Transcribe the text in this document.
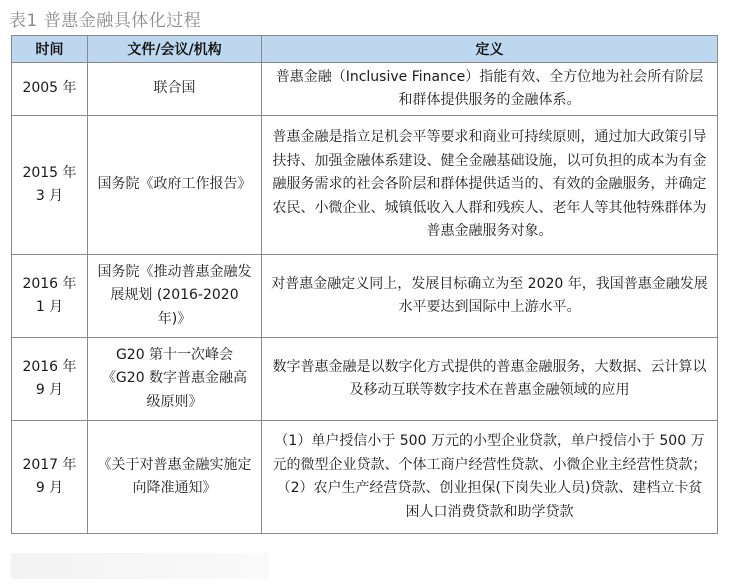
表1 普惠金融具体化过程
时间	文件/会议/机构	定义
2005 年	联合国	普惠金融（Inclusive Finance）指能有效、全方位地为社会所有阶层和群体提供服务的金融体系。
2015 年 3 月	国务院《政府工作报告》	普惠金融是指立足机会平等要求和商业可持续原则，通过加大政策引导扶持、加强金融体系建设、健全金融基础设施，以可负担的成本为有金融服务需求的社会各阶层和群体提供适当的、有效的金融服务，并确定农民、小微企业、城镇低收入人群和残疾人、老年人等其他特殊群体为普惠金融服务对象。
2016 年 1 月	国务院《推动普惠金融发展规划 (2016-2020 年)》	对普惠金融定义同上，发展目标确立为至 2020 年，我国普惠金融发展水平要达到国际中上游水平。
2016 年 9 月	G20 第十一次峰会《G20 数字普惠金融高级原则》	数字普惠金融是以数字化方式提供的普惠金融服务，大数据、云计算以及移动互联等数字技术在普惠金融领域的应用
2017 年 9 月	《关于对普惠金融实施定向降准通知》	（1）单户授信小于 500 万元的小型企业贷款，单户授信小于 500 万元的微型企业贷款、个体工商户经营性贷款、小微企业主经营性贷款；（2）农户生产经营贷款、创业担保(下岗失业人员)贷款、建档立卡贫困人口消费贷款和助学贷款
